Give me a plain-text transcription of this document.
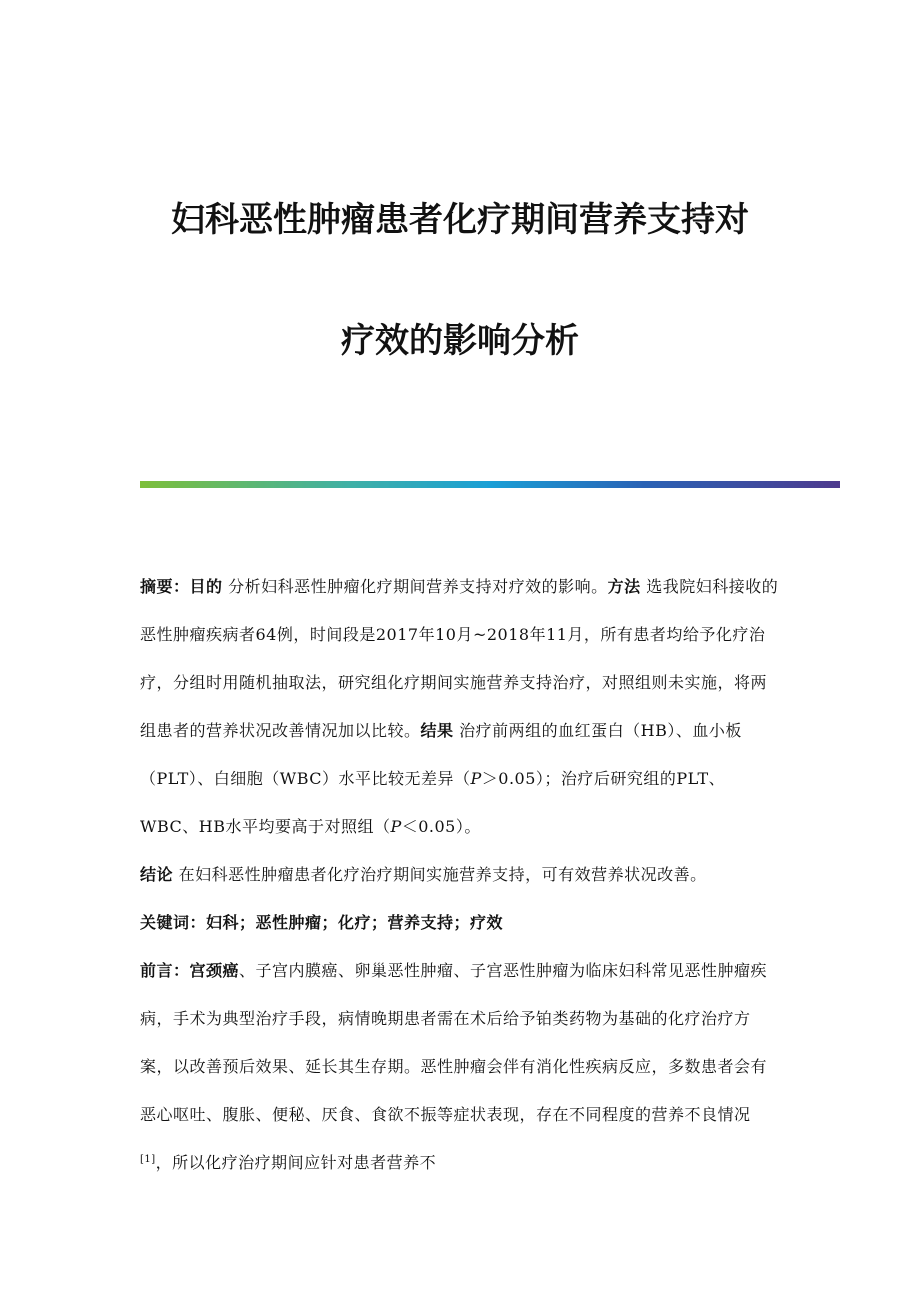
妇科恶性肿瘤患者化疗期间营养支持对
疗效的影响分析

摘要：目的 分析妇科恶性肿瘤化疗期间营养支持对疗效的影响。方法 选我院妇科接收的恶性肿瘤疾病者64例，时间段是2017年10月~2018年11月，所有患者均给予化疗治疗，分组时用随机抽取法，研究组化疗期间实施营养支持治疗，对照组则未实施，将两组患者的营养状况改善情况加以比较。结果 治疗前两组的血红蛋白（HB）、血小板（PLT）、白细胞（WBC）水平比较无差异（P＞0.05）；治疗后研究组的PLT、WBC、HB水平均要高于对照组（P＜0.05）。

结论 在妇科恶性肿瘤患者化疗治疗期间实施营养支持，可有效营养状况改善。

关键词：妇科；恶性肿瘤；化疗；营养支持；疗效

前言：宫颈癌、子宫内膜癌、卵巢恶性肿瘤、子宫恶性肿瘤为临床妇科常见恶性肿瘤疾病，手术为典型治疗手段，病情晚期患者需在术后给予铂类药物为基础的化疗治疗方案，以改善预后效果、延长其生存期。恶性肿瘤会伴有消化性疾病反应，多数患者会有恶心呕吐、腹胀、便秘、厌食、食欲不振等症状表现，存在不同程度的营养不良情况[1]，所以化疗治疗期间应针对患者营养不
